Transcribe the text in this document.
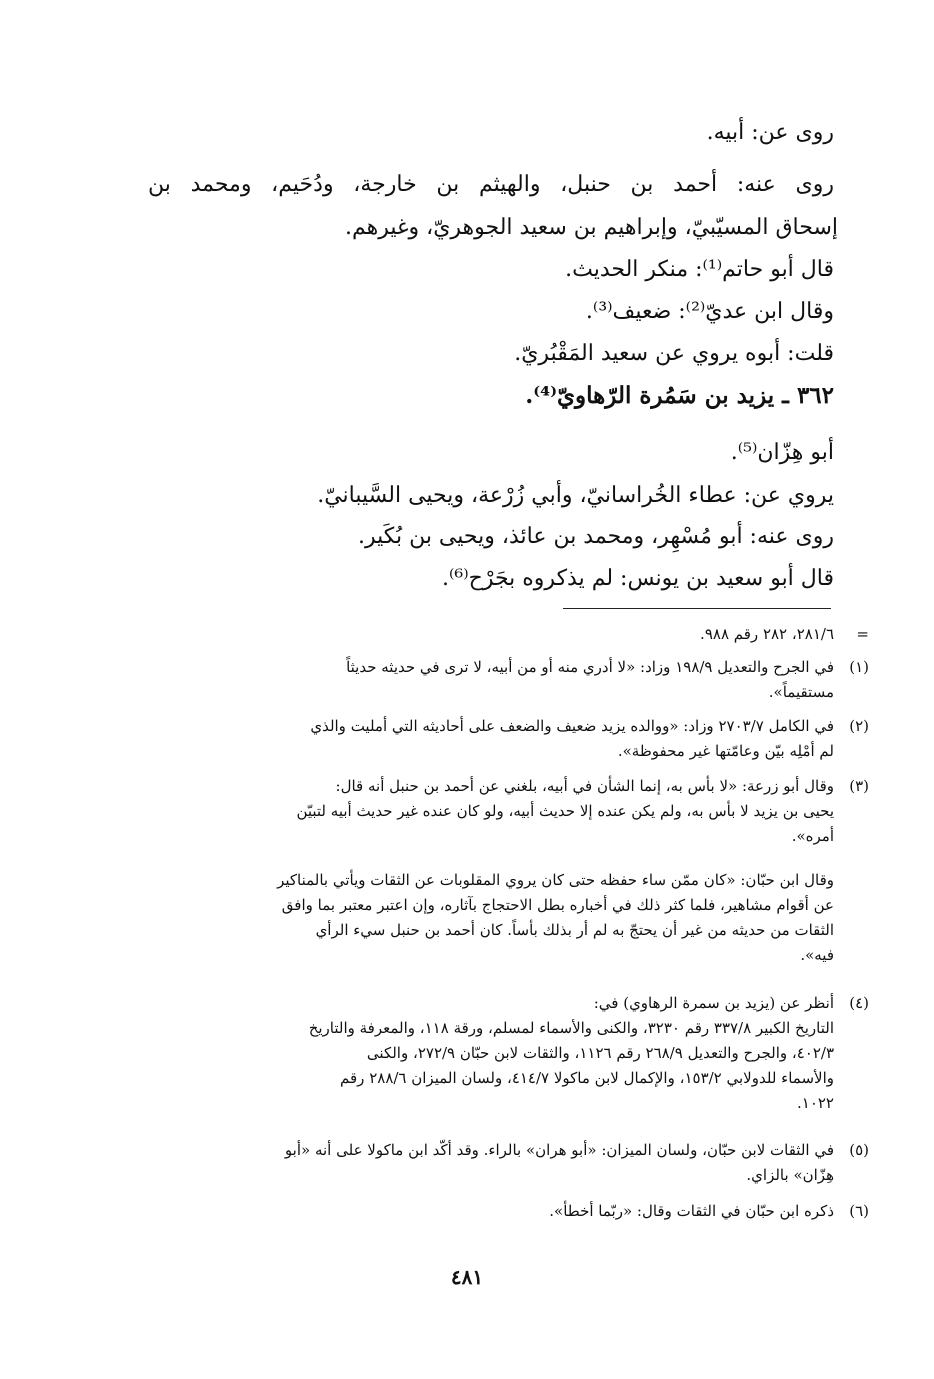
روى عن: أبيه.
روى عنه: أحمد بن حنبل، والهيثم بن خارجة، ودُحَيم، ومحمد بن
إسحاق المسيّبيّ، وإبراهيم بن سعيد الجوهريّ، وغيرهم.
قال أبو حاتم⁽¹⁾: منكر الحديث.
وقال ابن عديّ⁽²⁾: ضعيف⁽³⁾.
قلت: أبوه يروي عن سعيد المَقْبُريّ.
٣٦٢ ـ يزيد بن سَمُرة الرّهاويّ⁽⁴⁾.
أبو هِزّان⁽⁵⁾.
يروي عن: عطاء الخُراسانيّ، وأبي زُرْعة، ويحيى السَّيبانيّ.
روى عنه: أبو مُسْهِر، ومحمد بن عائذ، ويحيى بن بُكَير.
قال أبو سعيد بن يونس: لم يذكروه بجَرْح⁽⁶⁾.
=
٢٨١/٦، ٢٨٢ رقم ٩٨٨.
(١)
في الجرح والتعديل ١٩٨/٩ وزاد: «لا أدري منه أو من أبيه، لا ترى في حديثه حديثاً
مستقيماً».
(٢)
في الكامل ٢٧٠٣/٧ وزاد: «ووالده يزيد ضعيف والضعف على أحاديثه التي أمليت والذي
لم أمْلِه بيّن وعامّتها غير محفوظة».
(٣)
وقال أبو زرعة: «لا بأس به، إنما الشأن في أبيه، بلغني عن أحمد بن حنبل أنه قال:
يحيى بن يزيد لا بأس به، ولم يكن عنده إلا حديث أبيه، ولو كان عنده غير حديث أبيه لتبيّن
أمره».
وقال ابن حبّان: «كان ممّن ساء حفظه حتى كان يروي المقلوبات عن الثقات ويأتي بالمناكير
عن أقوام مشاهير، فلما كثر ذلك في أخباره بطل الاحتجاج بآثاره، وإن اعتبر معتبر بما وافق
الثقات من حديثه من غير أن يحتجّ به لم أر بذلك بأساً. كان أحمد بن حنبل سيء الرأي
فيه».
(٤)
أنظر عن (يزيد بن سمرة الرهاوي) في:
التاريخ الكبير ٣٣٧/٨ رقم ٣٢٣٠، والكنى والأسماء لمسلم، ورقة ١١٨، والمعرفة والتاريخ
٤٠٢/٣، والجرح والتعديل ٢٦٨/٩ رقم ١١٢٦، والثقات لابن حبّان ٢٧٢/٩، والكنى
والأسماء للدولابي ١٥٣/٢، والإكمال لابن ماكولا ٤١٤/٧، ولسان الميزان ٢٨٨/٦ رقم
١٠٢٢.
(٥)
في الثقات لابن حبّان، ولسان الميزان: «أبو هران» بالراء. وقد أكّد ابن ماكولا على أنه «أبو
هِزّان» بالزاي.
(٦)
ذكره ابن حبّان في الثقات وقال: «ربّما أخطأ».
٤٨١
